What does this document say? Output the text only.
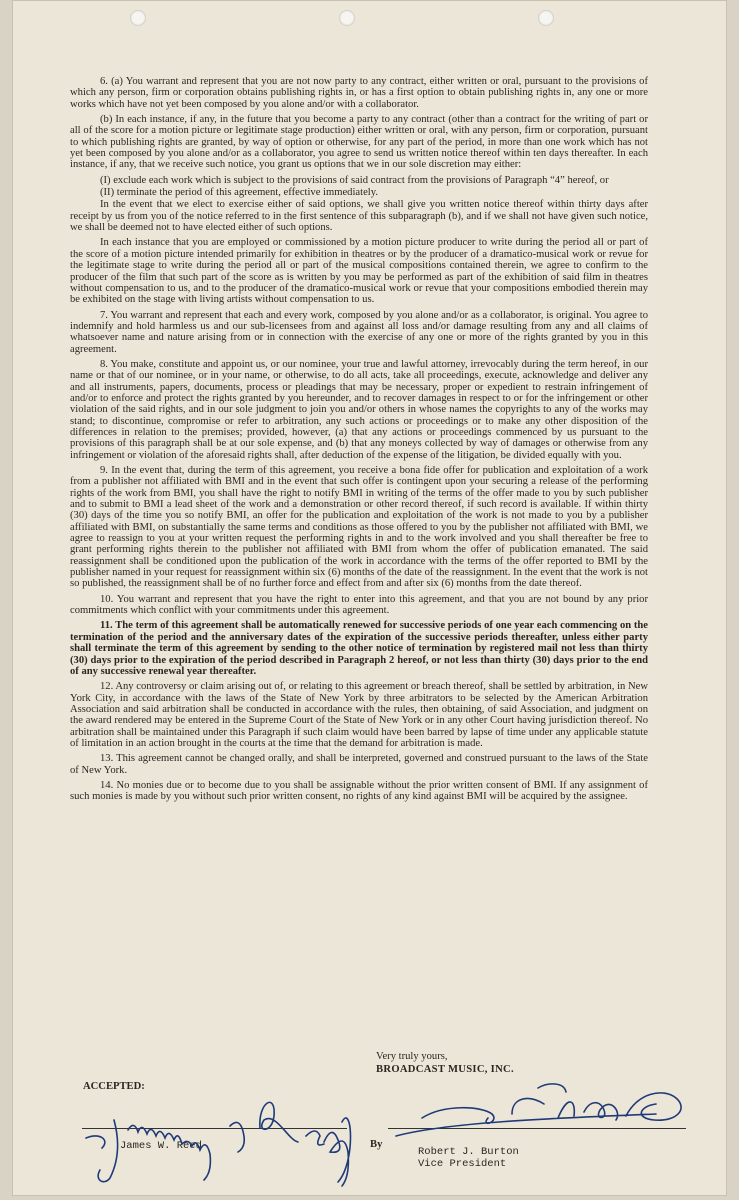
6. (a) You warrant and represent that you are not now party to any contract, either written or oral, pursuant to the provisions of which any person, firm or corporation obtains publishing rights in, or has a first option to obtain publishing rights in, any one or more works which have not yet been composed by you alone and/or with a collaborator.

(b) In each instance, if any, in the future that you become a party to any contract (other than a contract for the writing of part or all of the score for a motion picture or legitimate stage production) either written or oral, with any person, firm or corporation, pursuant to which publishing rights are granted, by way of option or otherwise, for any part of the period, in more than one work which has not yet been composed by you alone and/or as a collaborator, you agree to send us written notice thereof within ten days thereafter. In each instance, if any, that we receive such notice, you grant us options that we in our sole discretion may either:

(I) exclude each work which is subject to the provisions of said contract from the provisions of Paragraph “4” hereof, or

(II) terminate the period of this agreement, effective immediately.

In the event that we elect to exercise either of said options, we shall give you written notice thereof within thirty days after receipt by us from you of the notice referred to in the first sentence of this subparagraph (b), and if we shall not have given such notice, we shall be deemed not to have elected either of such options.

In each instance that you are employed or commissioned by a motion picture producer to write during the period all or part of the score of a motion picture intended primarily for exhibition in theatres or by the producer of a dramatico-musical work or revue for the legitimate stage to write during the period all or part of the musical compositions contained therein, we agree to confirm to the producer of the film that such part of the score as is written by you may be performed as part of the exhibition of said film in theatres without compensation to us, and to the producer of the dramatico-musical work or revue that your compositions embodied therein may be exhibited on the stage with living artists without compensation to us.

7. You warrant and represent that each and every work, composed by you alone and/or as a collaborator, is original. You agree to indemnify and hold harmless us and our sub-licensees from and against all loss and/or damage resulting from any and all claims of whatsoever name and nature arising from or in connection with the exercise of any one or more of the rights granted by you in this agreement.

8. You make, constitute and appoint us, or our nominee, your true and lawful attorney, irrevocably during the term hereof, in our name or that of our nominee, or in your name, or otherwise, to do all acts, take all proceedings, execute, acknowledge and deliver any and all instruments, papers, documents, process or pleadings that may be necessary, proper or expedient to restrain infringement of and/or to enforce and protect the rights granted by you hereunder, and to recover damages in respect to or for the infringement or other violation of the said rights, and in our sole judgment to join you and/or others in whose names the copyrights to any of the works may stand; to discontinue, compromise or refer to arbitration, any such actions or proceedings or to make any other disposition of the differences in relation to the premises; provided, however, (a) that any actions or proceedings commenced by us pursuant to the provisions of this paragraph shall be at our sole expense, and (b) that any moneys collected by way of damages or otherwise from any infringement or violation of the aforesaid rights shall, after deduction of the expense of the litigation, be divided equally with you.

9. In the event that, during the term of this agreement, you receive a bona fide offer for publication and exploitation of a work from a publisher not affiliated with BMI and in the event that such offer is contingent upon your securing a release of the performing rights of the work from BMI, you shall have the right to notify BMI in writing of the terms of the offer made to you by such publisher and to submit to BMI a lead sheet of the work and a demonstration or other record thereof, if such record is available. If within thirty (30) days of the time you so notify BMI, an offer for the publication and exploitation of the work is not made to you by a publisher affiliated with BMI, on substantially the same terms and conditions as those offered to you by the publisher not affiliated with BMI, we agree to reassign to you at your written request the performing rights in and to the work involved and you shall thereafter be free to grant performing rights therein to the publisher not affiliated with BMI from whom the offer of publication emanated. The said reassignment shall be conditioned upon the publication of the work in accordance with the terms of the offer reported to BMI by the publisher named in your request for reassignment within six (6) months of the date of the reassignment. In the event that the work is not so published, the reassignment shall be of no further force and effect from and after six (6) months from the date thereof.

10. You warrant and represent that you have the right to enter into this agreement, and that you are not bound by any prior commitments which conflict with your commitments under this agreement.

11. The term of this agreement shall be automatically renewed for successive periods of one year each commencing on the termination of the period and the anniversary dates of the expiration of the successive periods thereafter, unless either party shall terminate the term of this agreement by sending to the other notice of termination by registered mail not less than thirty (30) days prior to the expiration of the period described in Paragraph 2 hereof, or not less than thirty (30) days prior to the end of any successive renewal year thereafter.

12. Any controversy or claim arising out of, or relating to this agreement or breach thereof, shall be settled by arbitration, in New York City, in accordance with the laws of the State of New York by three arbitrators to be selected by the American Arbitration Association and said arbitration shall be conducted in accordance with the rules, then obtaining, of said Association, and judgment on the award rendered may be entered in the Supreme Court of the State of New York or in any other Court having jurisdiction thereof. No arbitration shall be maintained under this Paragraph if such claim would have been barred by lapse of time under any applicable statute of limitation in an action brought in the courts at the time that the demand for arbitration is made.

13. This agreement cannot be changed orally, and shall be interpreted, governed and construed pursuant to the laws of the State of New York.

14. No monies due or to become due to you shall be assignable without the prior written consent of BMI. If any assignment of such monies is made by you without such prior written consent, no rights of any kind against BMI will be acquired by the assignee.

Very truly yours,
BROADCAST MUSIC, INC.
ACCEPTED:
By
James W. Reed	Robert J. Burton
Vice President
